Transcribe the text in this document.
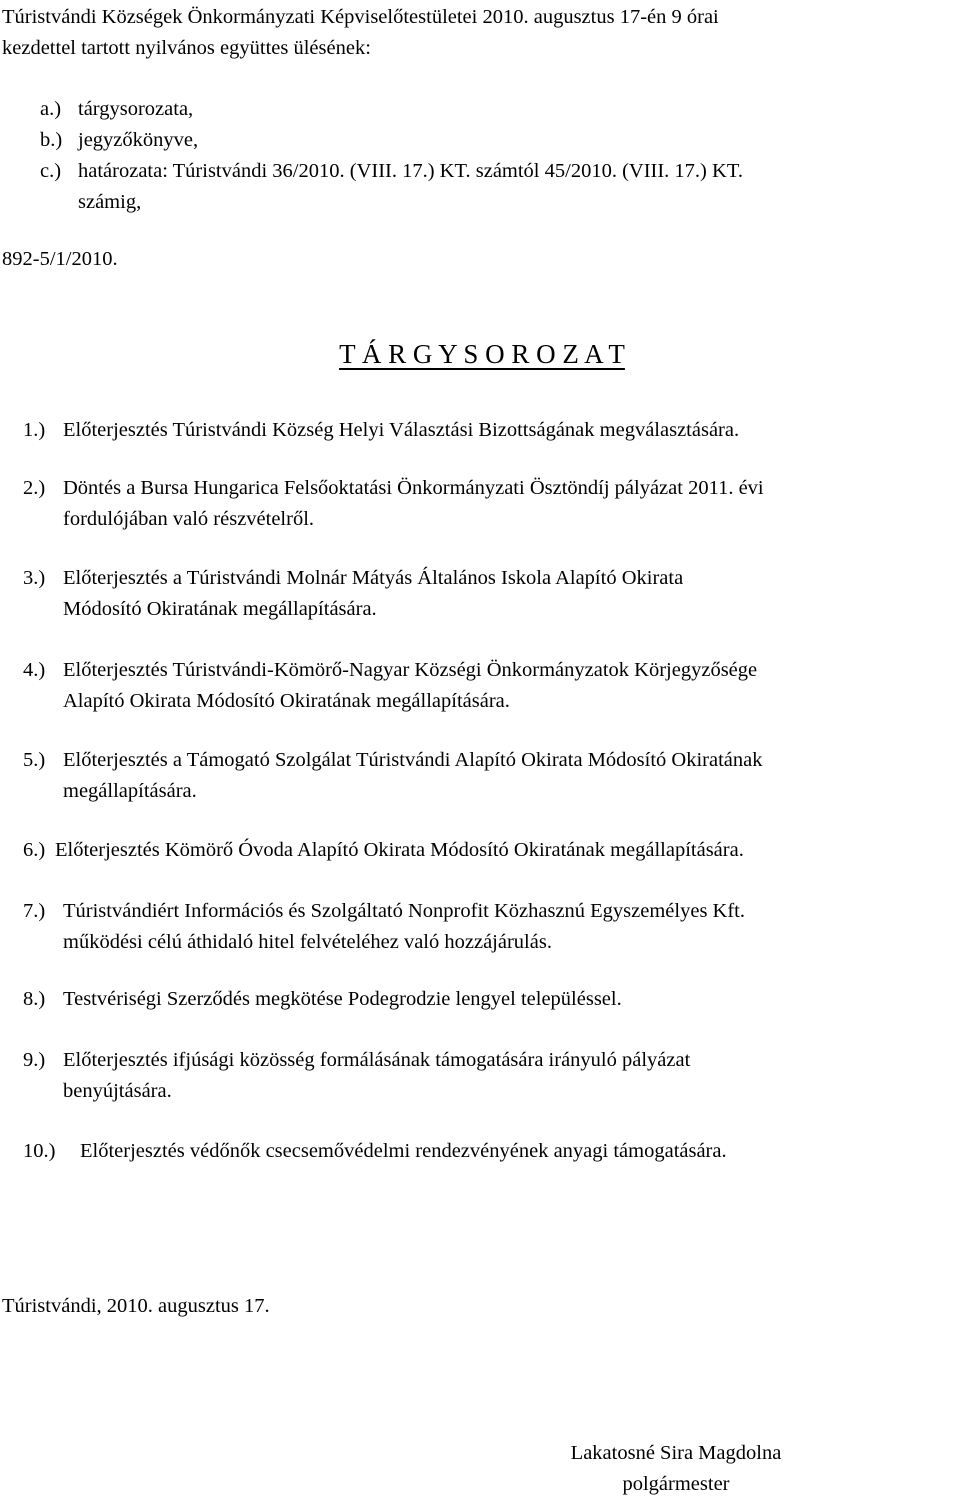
Túristvándi Községek Önkormányzati Képviselőtestületei 2010. augusztus 17-én 9 órai
kezdettel tartott nyilvános együttes ülésének:
a.) tárgysorozata,
b.) jegyzőkönyve,
c.) határozata: Túristvándi 36/2010. (VIII. 17.) KT. számtól 45/2010. (VIII. 17.) KT.
számig,
892-5/1/2010.
T Á R G Y S O R O Z A T
1.) Előterjesztés Túristvándi Község Helyi Választási Bizottságának megválasztására.
2.) Döntés a Bursa Hungarica Felsőoktatási Önkormányzati Ösztöndíj pályázat 2011. évi
fordulójában való részvételről.
3.) Előterjesztés a Túristvándi Molnár Mátyás Általános Iskola Alapító Okirata
Módosító Okiratának megállapítására.
4.) Előterjesztés Túristvándi-Kömörő-Nagyar Községi Önkormányzatok Körjegyzősége
Alapító Okirata Módosító Okiratának megállapítására.
5.) Előterjesztés a Támogató Szolgálat Túristvándi Alapító Okirata Módosító Okiratának
megállapítására.
6.) Előterjesztés Kömörő Óvoda Alapító Okirata Módosító Okiratának megállapítására.
7.) Túristvándiért Információs és Szolgáltató Nonprofit Közhasznú Egyszemélyes Kft.
működési célú áthidaló hitel felvételéhez való hozzájárulás.
8.) Testvériségi Szerződés megkötése Podegrodzie lengyel településsel.
9.) Előterjesztés ifjúsági közösség formálásának támogatására irányuló pályázat
benyújtására.
10.)	Előterjesztés védőnők csecsemővédelmi rendezvényének anyagi támogatására.
Túristvándi, 2010. augusztus 17.
Lakatosné Sira Magdolna
polgármester
